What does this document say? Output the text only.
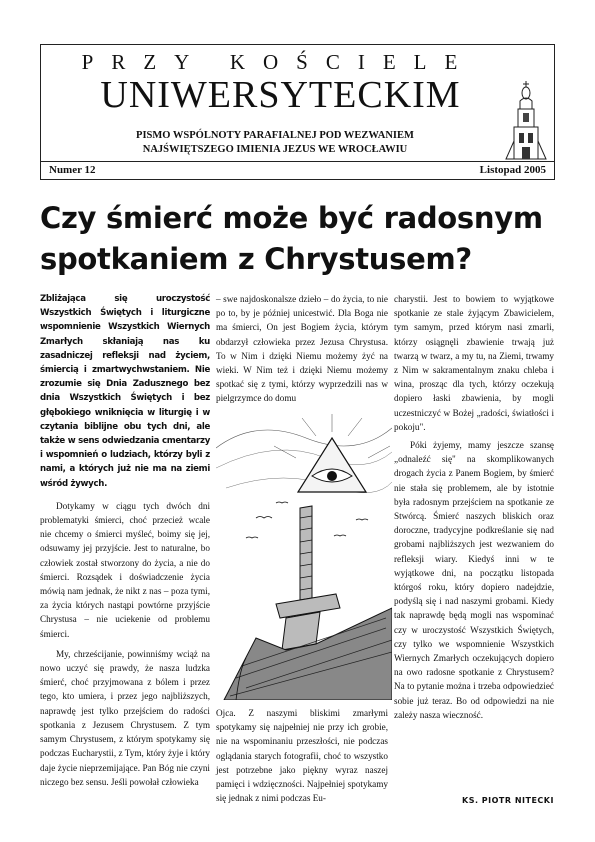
PRZY KOŚCIELE
UNIWERSYTECKIM
PISMO WSPÓLNOTY PARAFIALNEJ POD WEZWANIEM
NAJŚWIĘTSZEGO IMIENIA JEZUS WE WROCŁAWIU
Numer 12	Listopad 2005
Czy śmierć może być radosnym spotkaniem z Chrystusem?

Zbliżająca się uroczystość Wszystkich Świętych i liturgiczne wspomnienie Wszystkich Wiernych Zmarłych skłaniają nas ku zasadniczej refleksji nad życiem, śmiercią i zmartwychwstaniem. Nie zrozumie się Dnia Zadusznego bez dnia Wszystkich Świętych i bez głębokiego wniknięcia w liturgię i w czytania biblijne obu tych dni, ale także w sens odwiedzania cmentarzy i wspomnień o ludziach, którzy byli z nami, a których już nie ma na ziemi wśród żywych.

Dotykamy w ciągu tych dwóch dni problematyki śmierci, choć przecież wcale nie chcemy o śmierci myśleć, boimy się jej, odsuwamy jej przyjście. Jest to naturalne, bo człowiek został stworzony do życia, a nie do śmierci. Rozsądek i doświadczenie życia mówią nam jednak, że nikt z nas – poza tymi, za życia których nastąpi powtórne przyjście Chrystusa – nie uciekenie od problemu śmierci.

My, chrześcijanie, powinniśmy wciąż na nowo uczyć się prawdy, że nasza ludzka śmierć, choć przyjmowana z bólem i przez tego, kto umiera, i przez jego najbliższych, naprawdę jest tylko przejściem do radości spotkania z Jezusem Chrystusem. Z tym samym Chrystusem, z którym spotykamy się podczas Eucharystii, z Tym, który żyje i który daje życie nieprzemijające. Pan Bóg nie czyni niczego bez sensu. Jeśli powołał człowieka

– swe najdoskonalsze dzieło – do życia, to nie po to, by je później unicestwić. Dla Boga nie ma śmierci, On jest Bogiem życia, którym obdarzył człowieka przez Jezusa Chrystusa. To w Nim i dzięki Niemu możemy żyć na wieki. W Nim też i dzięki Niemu możemy spotkać się z tymi, którzy wyprzedzili nas w pielgrzymce do domu

Ojca. Z naszymi bliskimi zmarłymi spotykamy się najpełniej nie przy ich grobie, nie na wspominaniu przeszłości, nie podczas oglądania starych fotografii, choć to wszystko jest potrzebne jako piękny wyraz naszej pamięci i wdzięczności. Najpełniej spotykamy się jednak z nimi podczas Eu-

charystii. Jest to bowiem to wyjątkowe spotkanie ze stale żyjącym Zbawicielem, tym samym, przed którym nasi zmarli, którzy osiągnęli zbawienie trwają już twarzą w twarz, a my tu, na Ziemi, trwamy z Nim w sakramentalnym znaku chleba i wina, prosząc dla tych, którzy oczekują dopiero łaski zbawienia, by mogli uczestniczyć w Bożej „radości, światłości i pokoju".

Póki żyjemy, mamy jeszcze szansę „odnaleźć się" na skomplikowanych drogach życia z Panem Bogiem, by śmierć nie stała się problemem, ale by istotnie była radosnym przejściem na spotkanie ze Stwórcą. Śmierć naszych bliskich oraz doroczne, tradycyjne podkreślanie się nad grobami najbliższych jest wezwaniem do refleksji wiary. Kiedyś inni w te wyjątkowe dni, na początku listopada którgoś roku, który dopiero nadejdzie, podyślą się i nad naszymi grobami. Kiedy tak naprawdę będą mogli nas wspominać czy w uroczystość Wszystkich Świętych, czy tylko we wspomnienie Wszystkich Wiernych Zmarłych oczekujących dopiero na owo radosne spotkanie z Chrystusem? Na to pytanie można i trzeba odpowiedzieć sobie już teraz. Bo od odpowiedzi na nie zależy nasza wieczność.

KS. PIOTR NITECKI
